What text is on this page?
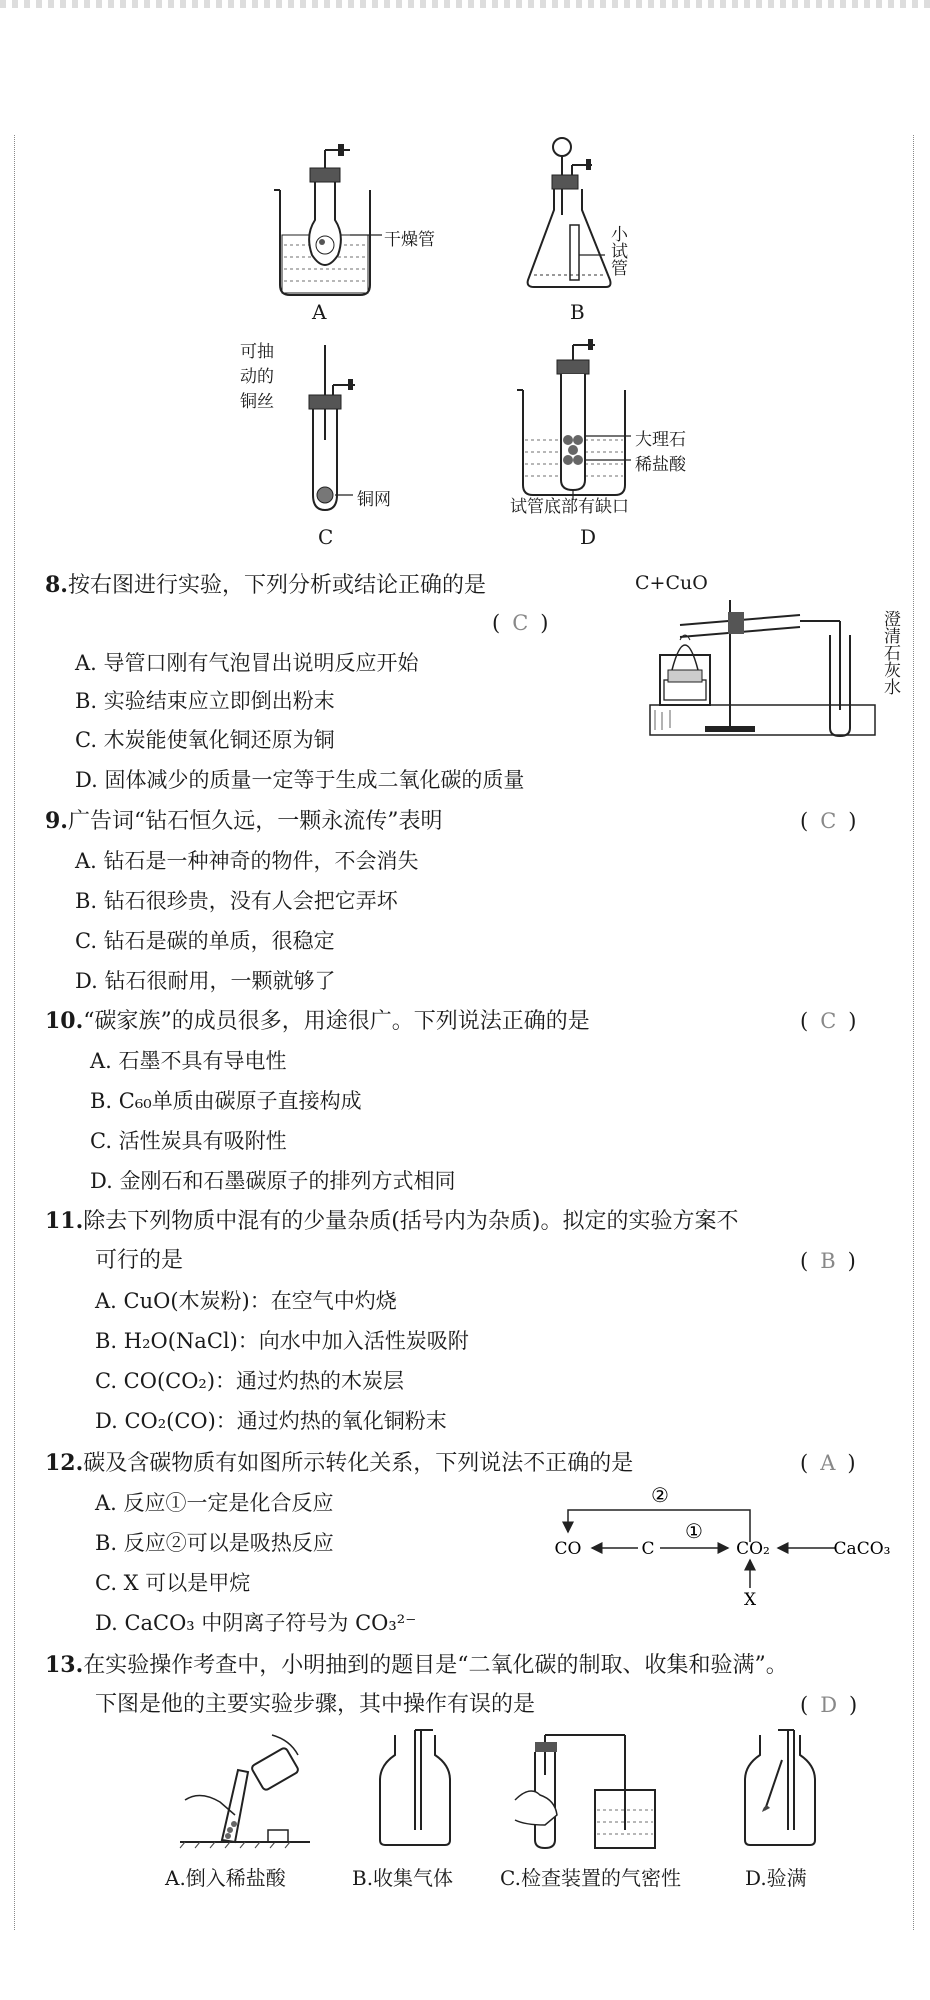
干燥管
A
小试管
B
可抽动的铜丝
铜网
C
大理石
稀盐酸
试管底部有缺口
D
8.按右图进行实验，下列分析或结论正确的是
( C )
A. 导管口刚有气泡冒出说明反应开始
B. 实验结束应立即倒出粉末
C. 木炭能使氧化铜还原为铜
D. 固体减少的质量一定等于生成二氧化碳的质量
C+CuO
澄清石灰水
9.广告词“钻石恒久远，一颗永流传”表明	( C )
A. 钻石是一种神奇的物件，不会消失
B. 钻石很珍贵，没有人会把它弄坏
C. 钻石是碳的单质，很稳定
D. 钻石很耐用，一颗就够了
10.“碳家族”的成员很多，用途很广。下列说法正确的是	( C )
A. 石墨不具有导电性
B. C₆₀单质由碳原子直接构成
C. 活性炭具有吸附性
D. 金刚石和石墨碳原子的排列方式相同
11.除去下列物质中混有的少量杂质(括号内为杂质)。拟定的实验方案不
可行的是	( B )
A. CuO(木炭粉)：在空气中灼烧
B. H₂O(NaCl)：向水中加入活性炭吸附
C. CO(CO₂)：通过灼热的木炭层
D. CO₂(CO)：通过灼热的氧化铜粉末
12.碳及含碳物质有如图所示转化关系，下列说法不正确的是	( A )
A. 反应①一定是化合反应
B. 反应②可以是吸热反应
C. X 可以是甲烷
D. CaCO₃ 中阴离子符号为 CO₃²⁻
②
①
CO	C	CO₂	CaCO₃
X
13.在实验操作考查中，小明抽到的题目是“二氧化碳的制取、收集和验满”。
下图是他的主要实验步骤，其中操作有误的是	( D )
A.倒入稀盐酸	B.收集气体 C.检查装置的气密性	D.验满
